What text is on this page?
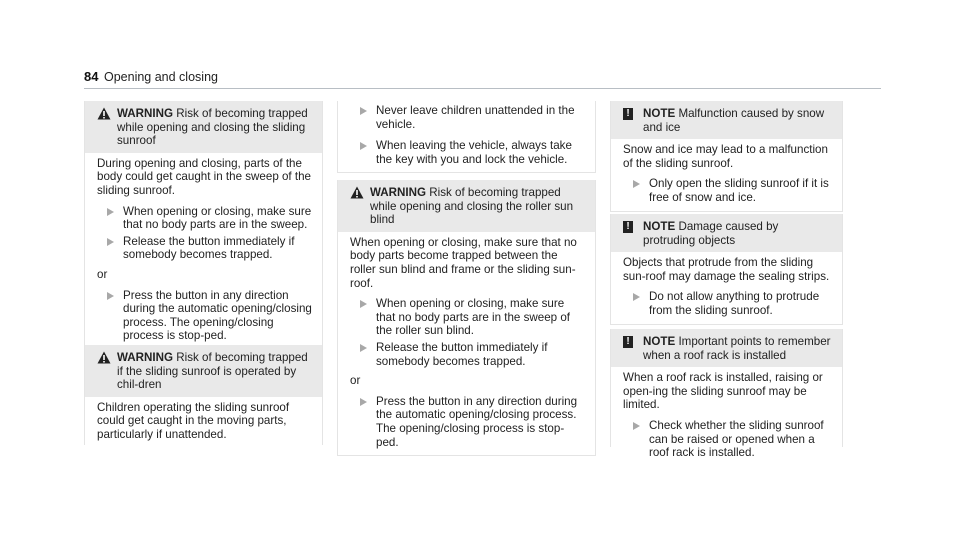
84 Opening and closing
WARNING Risk of becoming trapped while opening and closing the sliding sunroof

During opening and closing, parts of the body could get caught in the sweep of the sliding sunroof.

When opening or closing, make sure that no body parts are in the sweep.
Release the button immediately if somebody becomes trapped.

or

Press the button in any direction during the automatic opening/closing process. The opening/closing process is stop-ped.
WARNING Risk of becoming trapped if the sliding sunroof is operated by chil-dren

Children operating the sliding sunroof could get caught in the moving parts, particularly if unattended.

Never leave children unattended in the vehicle.
When leaving the vehicle, always take the key with you and lock the vehicle.
WARNING Risk of becoming trapped while opening and closing the roller sun blind

When opening or closing, make sure that no body parts become trapped between the roller sun blind and frame or the sliding sun-roof.

When opening or closing, make sure that no body parts are in the sweep of the roller sun blind.
Release the button immediately if somebody becomes trapped.

or

Press the button in any direction during the automatic opening/closing process. The opening/closing process is stop-ped.
! NOTE Malfunction caused by snow and ice

Snow and ice may lead to a malfunction of the sliding sunroof.

Only open the sliding sunroof if it is free of snow and ice.
! NOTE Damage caused by protruding objects

Objects that protrude from the sliding sun-roof may damage the sealing strips.

Do not allow anything to protrude from the sliding sunroof.
! NOTE Important points to remember when a roof rack is installed

When a roof rack is installed, raising or open-ing the sliding sunroof may be limited.

Check whether the sliding sunroof can be raised or opened when a roof rack is installed.
